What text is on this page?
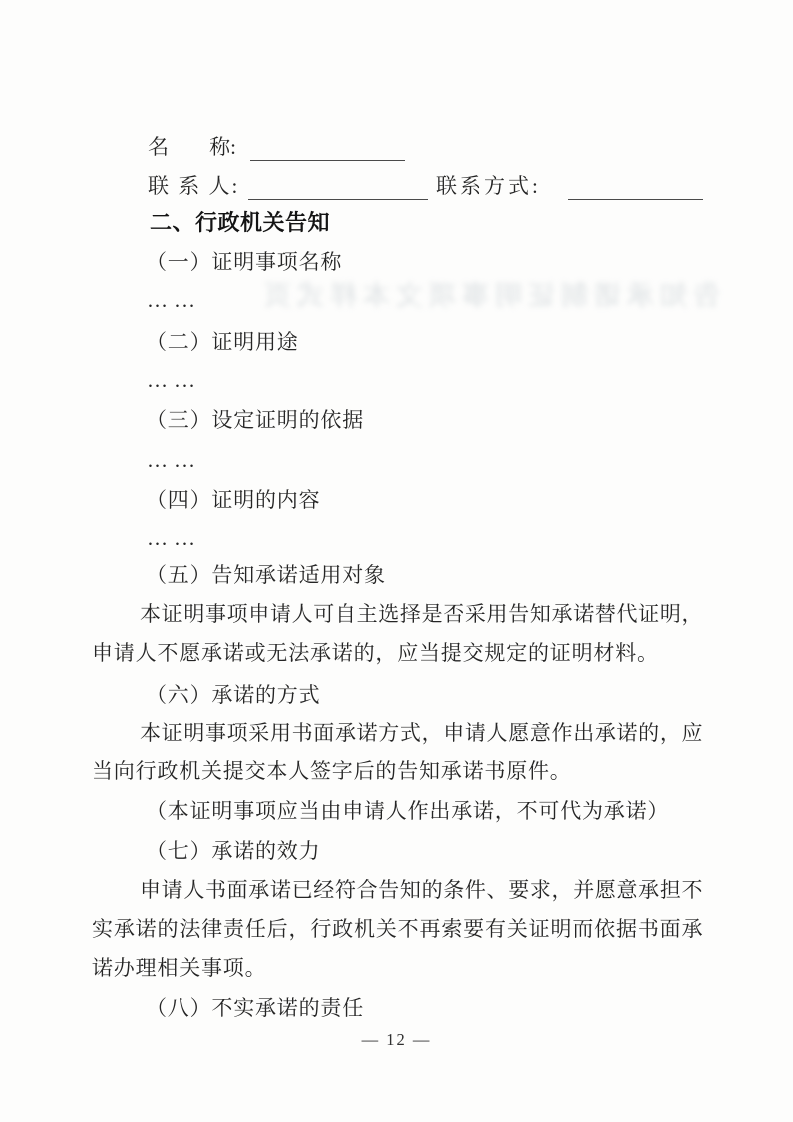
告知承诺制证明事项文本样式页
名 称:
联 系 人:	联系方式:
二、行政机关告知
（一）证明事项名称
……
（二）证明用途
……
（三）设定证明的依据
……
（四）证明的内容
……
（五）告知承诺适用对象
本证明事项申请人可自主选择是否采用告知承诺替代证明，
申请人不愿承诺或无法承诺的，应当提交规定的证明材料。
（六）承诺的方式
本证明事项采用书面承诺方式，申请人愿意作出承诺的，应
当向行政机关提交本人签字后的告知承诺书原件。
（本证明事项应当由申请人作出承诺，不可代为承诺）
（七）承诺的效力
申请人书面承诺已经符合告知的条件、要求，并愿意承担不
实承诺的法律责任后，行政机关不再索要有关证明而依据书面承
诺办理相关事项。
（八）不实承诺的责任
— 12 —
